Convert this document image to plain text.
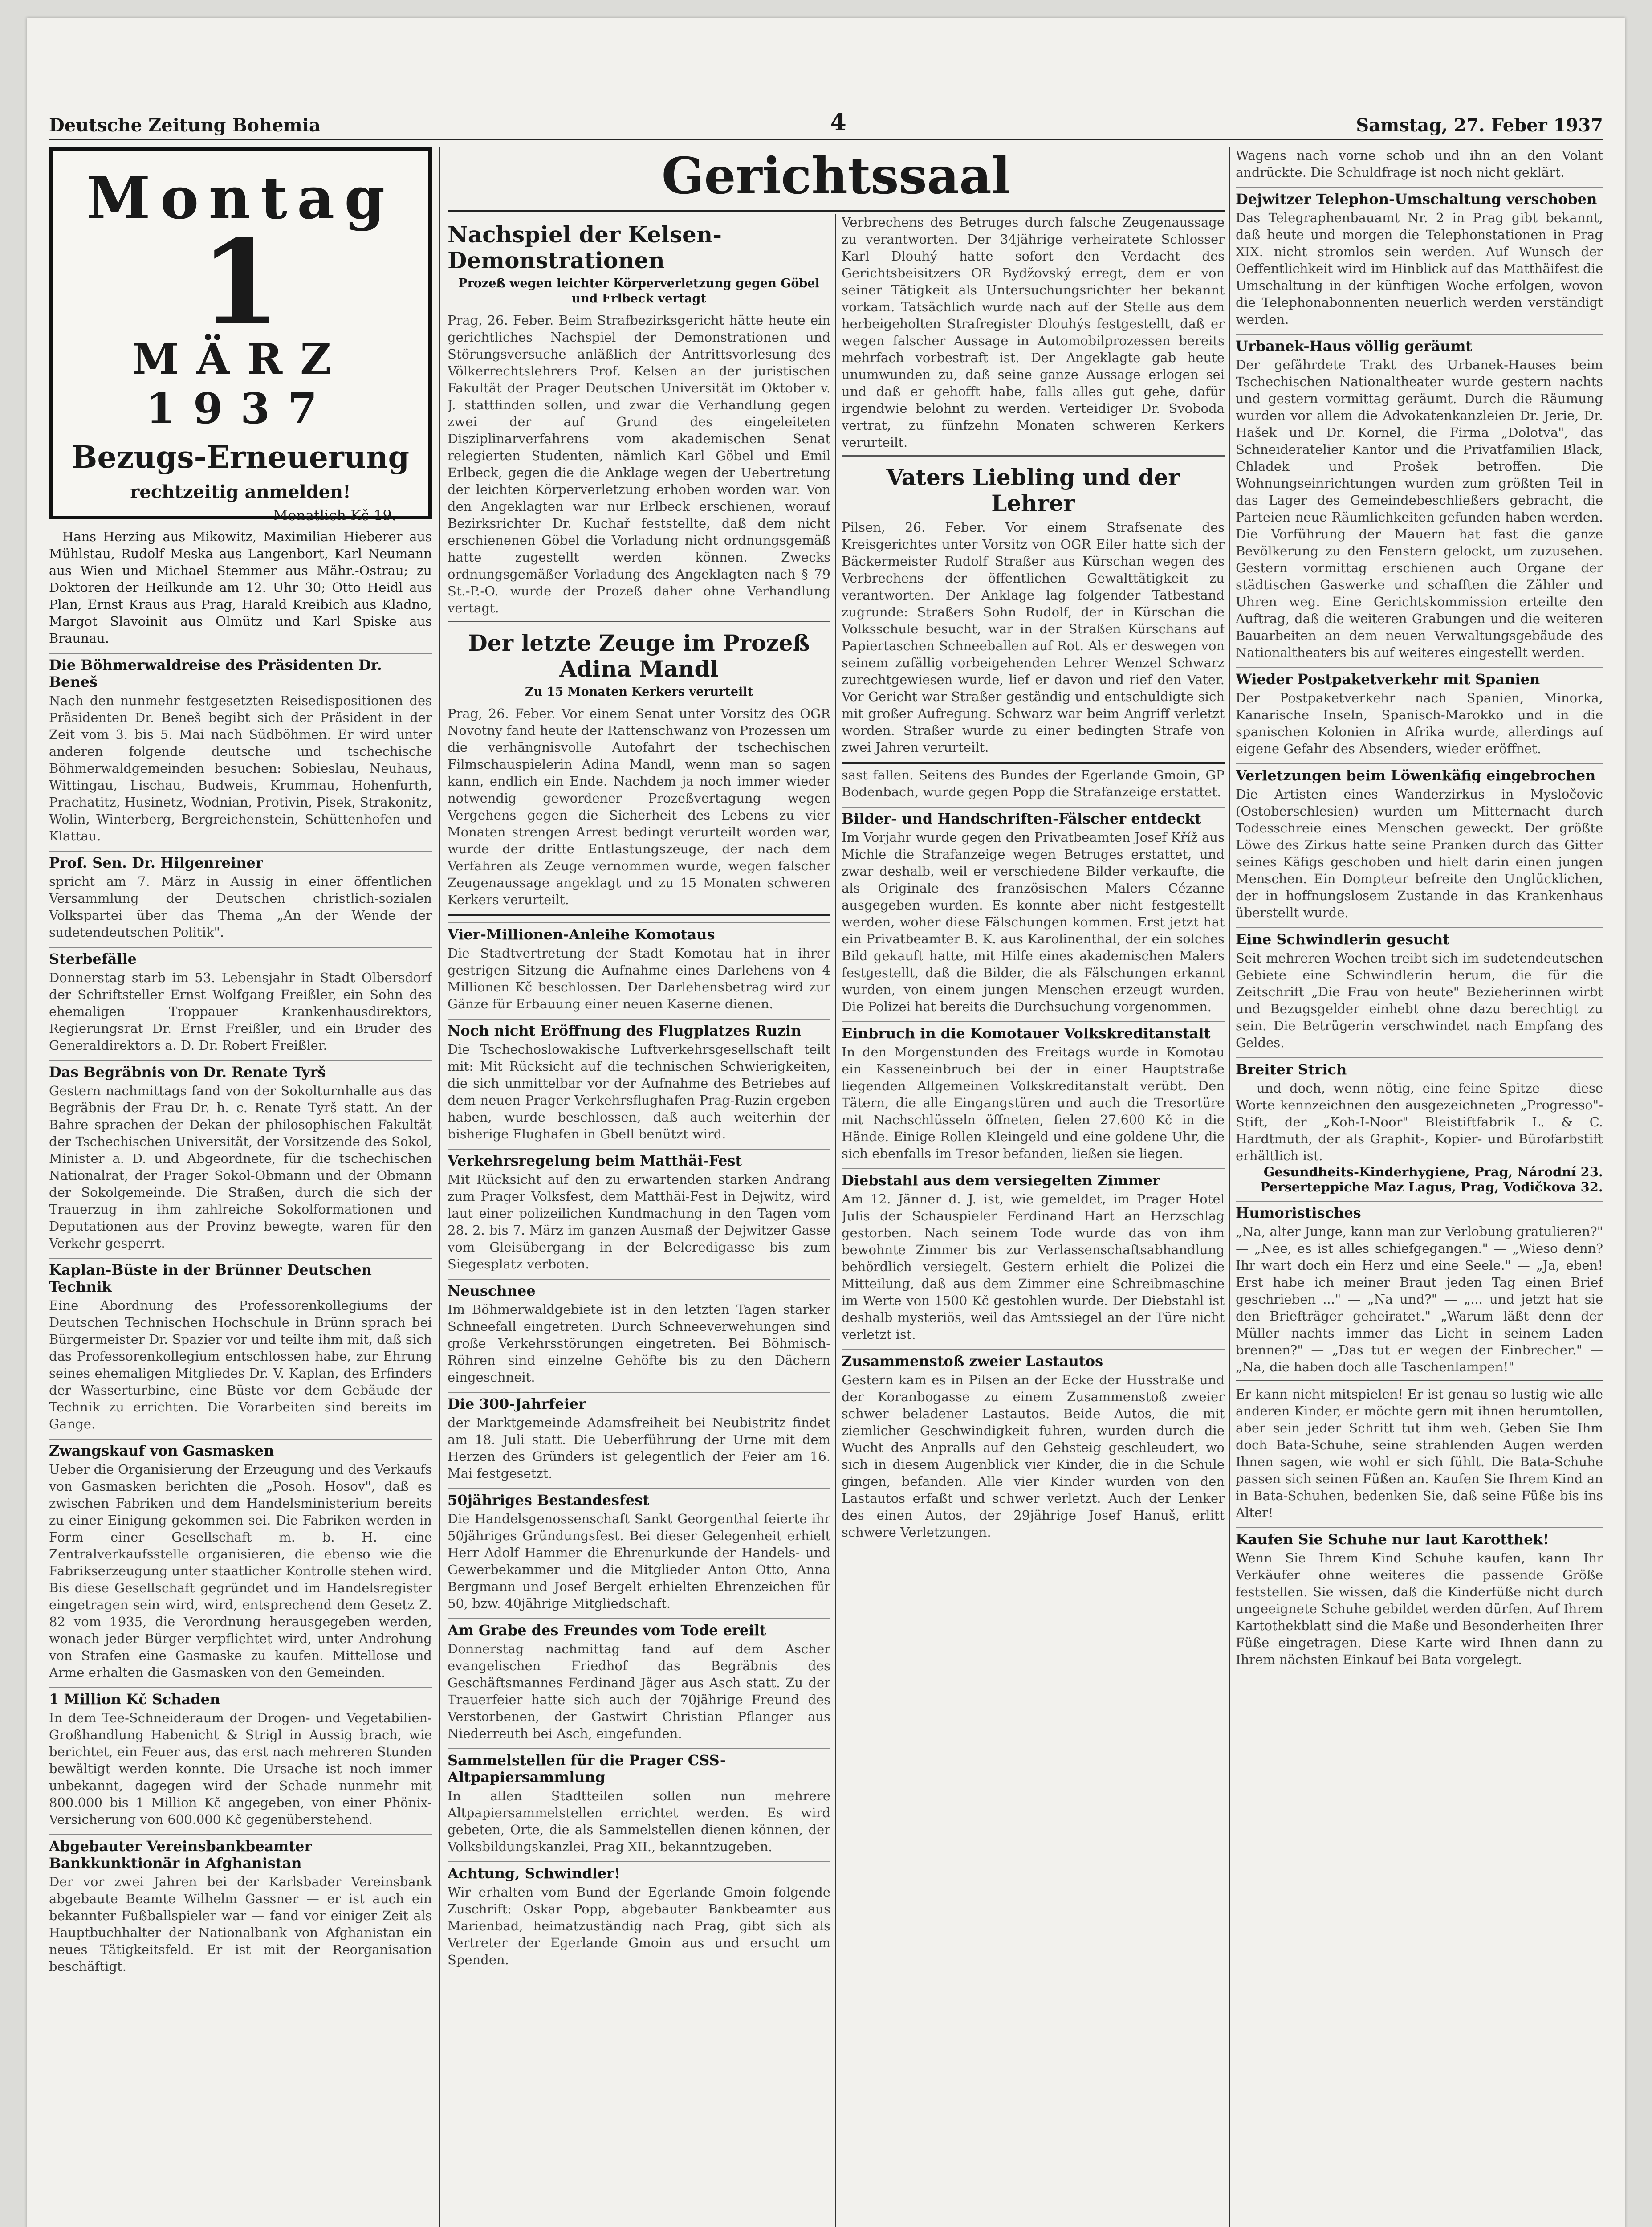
Deutsche Zeitung Bohemia	4	Samstag, 27. Feber 1937
Montag
1
MÄRZ
1937
Bezugs-Erneuerung
rechtzeitig anmelden!
Monatlich Kč 19.—

Hans Herzing aus Mikowitz, Maximilian Hieberer aus Mühlstau, Rudolf Meska aus Langenbort, Karl Neumann aus Wien und Michael Stemmer aus Mähr.-Ostrau; zu Doktoren der Heilkunde am 12. Uhr 30; Otto Heidl aus Plan, Ernst Kraus aus Prag, Harald Kreibich aus Kladno, Margot Slavoinit aus Olmütz und Karl Spiske aus Braunau.

Die Böhmerwaldreise des Präsidenten Dr. Beneš
Nach den nunmehr festgesetzten Reisedispositionen des Präsidenten Dr. Beneš begibt sich der Präsident in der Zeit vom 3. bis 5. Mai nach Südböhmen. Er wird unter anderen folgende deutsche und tschechische Böhmerwaldgemeinden besuchen: Sobieslau, Neuhaus, Wittingau, Lischau, Budweis, Krummau, Hohenfurth, Prachatitz, Husinetz, Wodnian, Protivin, Pisek, Strakonitz, Wolin, Winterberg, Bergreichenstein, Schüttenhofen und Klattau.
Prof. Sen. Dr. Hilgenreiner
spricht am 7. März in Aussig in einer öffentlichen Versammlung der Deutschen christlich-sozialen Volkspartei über das Thema „An der Wende der sudetendeutschen Politik".
Sterbefälle
Donnerstag starb im 53. Lebensjahr in Stadt Olbersdorf der Schriftsteller Ernst Wolfgang Freißler, ein Sohn des ehemaligen Troppauer Krankenhausdirektors, Regierungsrat Dr. Ernst Freißler, und ein Bruder des Generaldirektors a. D. Dr. Robert Freißler.
Das Begräbnis von Dr. Renate Tyrš
Gestern nachmittags fand von der Sokolturnhalle aus das Begräbnis der Frau Dr. h. c. Renate Tyrš statt. An der Bahre sprachen der Dekan der philosophischen Fakultät der Tschechischen Universität, der Vorsitzende des Sokol, Minister a. D. und Abgeordnete, für die tschechischen Nationalrat, der Prager Sokol-Obmann und der Obmann der Sokolgemeinde. Die Straßen, durch die sich der Trauerzug in ihm zahlreiche Sokolformationen und Deputationen aus der Provinz bewegte, waren für den Verkehr gesperrt.
Kaplan-Büste in der Brünner Deutschen Technik
Eine Abordnung des Professorenkollegiums der Deutschen Technischen Hochschule in Brünn sprach bei Bürgermeister Dr. Spazier vor und teilte ihm mit, daß sich das Professorenkollegium entschlossen habe, zur Ehrung seines ehemaligen Mitgliedes Dr. V. Kaplan, des Erfinders der Wasserturbine, eine Büste vor dem Gebäude der Technik zu errichten. Die Vorarbeiten sind bereits im Gange.
Zwangskauf von Gasmasken
Ueber die Organisierung der Erzeugung und des Verkaufs von Gasmasken berichten die „Posoh. Hosov", daß es zwischen Fabriken und dem Handelsministerium bereits zu einer Einigung gekommen sei. Die Fabriken werden in Form einer Gesellschaft m. b. H. eine Zentralverkaufsstelle organisieren, die ebenso wie die Fabrikserzeugung unter staatlicher Kontrolle stehen wird. Bis diese Gesellschaft gegründet und im Handelsregister eingetragen sein wird, wird, entsprechend dem Gesetz Z. 82 vom 1935, die Verordnung herausgegeben werden, wonach jeder Bürger verpflichtet wird, unter Androhung von Strafen eine Gasmaske zu kaufen. Mittellose und Arme erhalten die Gasmasken von den Gemeinden.
1 Million Kč Schaden
In dem Tee-Schneideraum der Drogen- und Vegetabilien-Großhandlung Habenicht & Strigl in Aussig brach, wie berichtet, ein Feuer aus, das erst nach mehreren Stunden bewältigt werden konnte. Die Ursache ist noch immer unbekannt, dagegen wird der Schade nunmehr mit 800.000 bis 1 Million Kč angegeben, von einer Phönix-Versicherung von 600.000 Kč gegenüberstehend.
Abgebauter Vereinsbankbeamter Bankkunktionär in Afghanistan
Der vor zwei Jahren bei der Karlsbader Vereinsbank abgebaute Beamte Wilhelm Gassner — er ist auch ein bekannter Fußballspieler war — fand vor einiger Zeit als Hauptbuchhalter der Nationalbank von Afghanistan ein neues Tätigkeitsfeld. Er ist mit der Reorganisation beschäftigt.
Gerichtssaal
Nachspiel der Kelsen-Demonstrationen
Prozeß wegen leichter Körperverletzung gegen Göbel und Erlbeck vertagt
Prag, 26. Feber. Beim Strafbezirksgericht hätte heute ein gerichtliches Nachspiel der Demonstrationen und Störungsversuche anläßlich der Antrittsvorlesung des Völkerrechtslehrers Prof. Kelsen an der juristischen Fakultät der Prager Deutschen Universität im Oktober v. J. stattfinden sollen, und zwar die Verhandlung gegen zwei der auf Grund des eingeleiteten Disziplinarverfahrens vom akademischen Senat relegierten Studenten, nämlich Karl Göbel und Emil Erlbeck, gegen die die Anklage wegen der Uebertretung der leichten Körperverletzung erhoben worden war. Von den Angeklagten war nur Erlbeck erschienen, worauf Bezirksrichter Dr. Kuchař feststellte, daß dem nicht erschienenen Göbel die Vorladung nicht ordnungsgemäß hatte zugestellt werden können. Zwecks ordnungsgemäßer Vorladung des Angeklagten nach § 79 St.-P.-O. wurde der Prozeß daher ohne Verhandlung vertagt.
Der letzte Zeuge im Prozeß Adina Mandl
Zu 15 Monaten Kerkers verurteilt
Prag, 26. Feber. Vor einem Senat unter Vorsitz des OGR Novotny fand heute der Rattenschwanz von Prozessen um die verhängnisvolle Autofahrt der tschechischen Filmschauspielerin Adina Mandl, wenn man so sagen kann, endlich ein Ende. Nachdem ja noch immer wieder notwendig gewordener Prozeßvertagung wegen Vergehens gegen die Sicherheit des Lebens zu vier Monaten strengen Arrest bedingt verurteilt worden war, wurde der dritte Entlastungszeuge, der nach dem Verfahren als Zeuge vernommen wurde, wegen falscher Zeugenaussage angeklagt und zu 15 Monaten schweren Kerkers verurteilt.
Vier-Millionen-Anleihe Komotaus
Die Stadtvertretung der Stadt Komotau hat in ihrer gestrigen Sitzung die Aufnahme eines Darlehens von 4 Millionen Kč beschlossen. Der Darlehensbetrag wird zur Gänze für Erbauung einer neuen Kaserne dienen.
Noch nicht Eröffnung des Flugplatzes Ruzin
Die Tschechoslowakische Luftverkehrsgesellschaft teilt mit: Mit Rücksicht auf die technischen Schwierigkeiten, die sich unmittelbar vor der Aufnahme des Betriebes auf dem neuen Prager Verkehrsflughafen Prag-Ruzin ergeben haben, wurde beschlossen, daß auch weiterhin der bisherige Flughafen in Gbell benützt wird.
Verkehrsregelung beim Matthäi-Fest
Mit Rücksicht auf den zu erwartenden starken Andrang zum Prager Volksfest, dem Matthäi-Fest in Dejwitz, wird laut einer polizeilichen Kundmachung in den Tagen vom 28. 2. bis 7. März im ganzen Ausmaß der Dejwitzer Gasse vom Gleisübergang in der Belcredigasse bis zum Siegesplatz verboten.
Neuschnee
Im Böhmerwaldgebiete ist in den letzten Tagen starker Schneefall eingetreten. Durch Schneeverwehungen sind große Verkehrsstörungen eingetreten. Bei Böhmisch-Röhren sind einzelne Gehöfte bis zu den Dächern eingeschneit.
Die 300-Jahrfeier
der Marktgemeinde Adamsfreiheit bei Neubistritz findet am 18. Juli statt. Die Ueberführung der Urne mit dem Herzen des Gründers ist gelegentlich der Feier am 16. Mai festgesetzt.
50jähriges Bestandesfest
Die Handelsgenossenschaft Sankt Georgenthal feierte ihr 50jähriges Gründungsfest. Bei dieser Gelegenheit erhielt Herr Adolf Hammer die Ehrenurkunde der Handels- und Gewerbekammer und die Mitglieder Anton Otto, Anna Bergmann und Josef Bergelt erhielten Ehrenzeichen für 50, bzw. 40jährige Mitgliedschaft.
Am Grabe des Freundes vom Tode ereilt
Donnerstag nachmittag fand auf dem Ascher evangelischen Friedhof das Begräbnis des Geschäftsmannes Ferdinand Jäger aus Asch statt. Zu der Trauerfeier hatte sich auch der 70jährige Freund des Verstorbenen, der Gastwirt Christian Pflanger aus Niederreuth bei Asch, eingefunden.
Sammelstellen für die Prager CSS-Altpapiersammlung
In allen Stadtteilen sollen nun mehrere Altpapiersammelstellen errichtet werden. Es wird gebeten, Orte, die als Sammelstellen dienen können, der Volksbildungskanzlei, Prag XII., bekanntzugeben.
Achtung, Schwindler!
Wir erhalten vom Bund der Egerlande Gmoin folgende Zuschrift: Oskar Popp, abgebauter Bankbeamter aus Marienbad, heimatzuständig nach Prag, gibt sich als Vertreter der Egerlande Gmoin aus und ersucht um Spenden.
Verbrechens des Betruges durch falsche Zeugenaussage zu verantworten. Der 34jährige verheiratete Schlosser Karl Dlouhý hatte sofort den Verdacht des Gerichtsbeisitzers OR Bydžovský erregt, dem er von seiner Tätigkeit als Untersuchungsrichter her bekannt vorkam. Tatsächlich wurde nach auf der Stelle aus dem herbeigeholten Strafregister Dlouhýs festgestellt, daß er wegen falscher Aussage in Automobilprozessen bereits mehrfach vorbestraft ist. Der Angeklagte gab heute unumwunden zu, daß seine ganze Aussage erlogen sei und daß er gehofft habe, falls alles gut gehe, dafür irgendwie belohnt zu werden. Verteidiger Dr. Svoboda vertrat, zu fünfzehn Monaten schweren Kerkers verurteilt.
Vaters Liebling und der Lehrer
Pilsen, 26. Feber. Vor einem Strafsenate des Kreisgerichtes unter Vorsitz von OGR Eiler hatte sich der Bäckermeister Rudolf Straßer aus Kürschan wegen des Verbrechens der öffentlichen Gewalttätigkeit zu verantworten. Der Anklage lag folgender Tatbestand zugrunde: Straßers Sohn Rudolf, der in Kürschan die Volksschule besucht, war in der Straßen Kürschans auf Papiertaschen Schneeballen auf Rot. Als er deswegen von seinem zufällig vorbeigehenden Lehrer Wenzel Schwarz zurechtgewiesen wurde, lief er davon und rief den Vater. Vor Gericht war Straßer geständig und entschuldigte sich mit großer Aufregung. Schwarz war beim Angriff verletzt worden. Straßer wurde zu einer bedingten Strafe von zwei Jahren verurteilt.
sast fallen. Seitens des Bundes der Egerlande Gmoin, GP Bodenbach, wurde gegen Popp die Strafanzeige erstattet.
Bilder- und Handschriften-Fälscher entdeckt
Im Vorjahr wurde gegen den Privatbeamten Josef Kříž aus Michle die Strafanzeige wegen Betruges erstattet, und zwar deshalb, weil er verschiedene Bilder verkaufte, die als Originale des französischen Malers Cézanne ausgegeben wurden. Es konnte aber nicht festgestellt werden, woher diese Fälschungen kommen. Erst jetzt hat ein Privatbeamter B. K. aus Karolinenthal, der ein solches Bild gekauft hatte, mit Hilfe eines akademischen Malers festgestellt, daß die Bilder, die als Fälschungen erkannt wurden, von einem jungen Menschen erzeugt wurden. Die Polizei hat bereits die Durchsuchung vorgenommen.
Einbruch in die Komotauer Volkskreditanstalt
In den Morgenstunden des Freitags wurde in Komotau ein Kasseneinbruch bei der in einer Hauptstraße liegenden Allgemeinen Volkskreditanstalt verübt. Den Tätern, die alle Eingangstüren und auch die Tresortüre mit Nachschlüsseln öffneten, fielen 27.600 Kč in die Hände. Einige Rollen Kleingeld und eine goldene Uhr, die sich ebenfalls im Tresor befanden, ließen sie liegen.
Diebstahl aus dem versiegelten Zimmer
Am 12. Jänner d. J. ist, wie gemeldet, im Prager Hotel Julis der Schauspieler Ferdinand Hart an Herzschlag gestorben. Nach seinem Tode wurde das von ihm bewohnte Zimmer bis zur Verlassenschaftsabhandlung behördlich versiegelt. Gestern erhielt die Polizei die Mitteilung, daß aus dem Zimmer eine Schreibmaschine im Werte von 1500 Kč gestohlen wurde. Der Diebstahl ist deshalb mysteriös, weil das Amtssiegel an der Türe nicht verletzt ist.
Zusammenstoß zweier Lastautos
Gestern kam es in Pilsen an der Ecke der Husstraße und der Koranbogasse zu einem Zusammenstoß zweier schwer beladener Lastautos. Beide Autos, die mit ziemlicher Geschwindigkeit fuhren, wurden durch die Wucht des Anpralls auf den Gehsteig geschleudert, wo sich in diesem Augenblick vier Kinder, die in die Schule gingen, befanden. Alle vier Kinder wurden von den Lastautos erfaßt und schwer verletzt. Auch der Lenker des einen Autos, der 29jährige Josef Hanuš, erlitt schwere Verletzungen.
Wagens nach vorne schob und ihn an den Volant andrückte. Die Schuldfrage ist noch nicht geklärt.
Dejwitzer Telephon-Umschaltung verschoben
Das Telegraphenbauamt Nr. 2 in Prag gibt bekannt, daß heute und morgen die Telephonstationen in Prag XIX. nicht stromlos sein werden. Auf Wunsch der Oeffentlichkeit wird im Hinblick auf das Matthäifest die Umschaltung in der künftigen Woche erfolgen, wovon die Telephonabonnenten neuerlich werden verständigt werden.
Urbanek-Haus völlig geräumt
Der gefährdete Trakt des Urbanek-Hauses beim Tschechischen Nationaltheater wurde gestern nachts und gestern vormittag geräumt. Durch die Räumung wurden vor allem die Advokatenkanzleien Dr. Jerie, Dr. Hašek und Dr. Kornel, die Firma „Dolotva", das Schneideratelier Kantor und die Privatfamilien Black, Chladek und Prošek betroffen. Die Wohnungseinrichtungen wurden zum größten Teil in das Lager des Gemeindebeschließers gebracht, die Parteien neue Räumlichkeiten gefunden haben werden. Die Vorführung der Mauern hat fast die ganze Bevölkerung zu den Fenstern gelockt, um zuzusehen. Gestern vormittag erschienen auch Organe der städtischen Gaswerke und schafften die Zähler und Uhren weg. Eine Gerichtskommission erteilte den Auftrag, daß die weiteren Grabungen und die weiteren Bauarbeiten an dem neuen Verwaltungsgebäude des Nationaltheaters bis auf weiteres eingestellt werden.
Wieder Postpaketverkehr mit Spanien
Der Postpaketverkehr nach Spanien, Minorka, Kanarische Inseln, Spanisch-Marokko und in die spanischen Kolonien in Afrika wurde, allerdings auf eigene Gefahr des Absenders, wieder eröffnet.
Verletzungen beim Löwenkäfig eingebrochen
Die Artisten eines Wanderzirkus in Mysločovic (Ostoberschlesien) wurden um Mitternacht durch Todesschreie eines Menschen geweckt. Der größte Löwe des Zirkus hatte seine Pranken durch das Gitter seines Käfigs geschoben und hielt darin einen jungen Menschen. Ein Dompteur befreite den Unglücklichen, der in hoffnungslosem Zustande in das Krankenhaus überstellt wurde.
Eine Schwindlerin gesucht
Seit mehreren Wochen treibt sich im sudetendeutschen Gebiete eine Schwindlerin herum, die für die Zeitschrift „Die Frau von heute" Bezieherinnen wirbt und Bezugsgelder einhebt ohne dazu berechtigt zu sein. Die Betrügerin verschwindet nach Empfang des Geldes.
Breiter Strich
— und doch, wenn nötig, eine feine Spitze — diese Worte kennzeichnen den ausgezeichneten „Progresso"-Stift, der „Koh-I-Noor" Bleistiftfabrik L. & C. Hardtmuth, der als Graphit-, Kopier- und Bürofarbstift erhältlich ist.
Gesundheits-Kinderhygiene, Prag, Národní 23.
Perserteppiche Maz Lagus, Prag, Vodičkova 32.
Humoristisches
„Na, alter Junge, kann man zur Verlobung gratulieren?" — „Nee, es ist alles schiefgegangen." — „Wieso denn? Ihr wart doch ein Herz und eine Seele." — „Ja, eben! Erst habe ich meiner Braut jeden Tag einen Brief geschrieben ..." — „Na und?" — „... und jetzt hat sie den Briefträger geheiratet." „Warum läßt denn der Müller nachts immer das Licht in seinem Laden brennen?" — „Das tut er wegen der Einbrecher." — „Na, die haben doch alle Taschenlampen!"
Er kann nicht mitspielen! Er ist genau so lustig wie alle anderen Kinder, er möchte gern mit ihnen herumtollen, aber sein jeder Schritt tut ihm weh. Geben Sie Ihm doch Bata-Schuhe, seine strahlenden Augen werden Ihnen sagen, wie wohl er sich fühlt. Die Bata-Schuhe passen sich seinen Füßen an. Kaufen Sie Ihrem Kind an in Bata-Schuhen, bedenken Sie, daß seine Füße bis ins Alter!
Kaufen Sie Schuhe nur laut Karotthek!
Wenn Sie Ihrem Kind Schuhe kaufen, kann Ihr Verkäufer ohne weiteres die passende Größe feststellen. Sie wissen, daß die Kinderfüße nicht durch ungeeignete Schuhe gebildet werden dürfen. Auf Ihrem Kartothekblatt sind die Maße und Besonderheiten Ihrer Füße eingetragen. Diese Karte wird Ihnen dann zu Ihrem nächsten Einkauf bei Bata vorgelegt.
